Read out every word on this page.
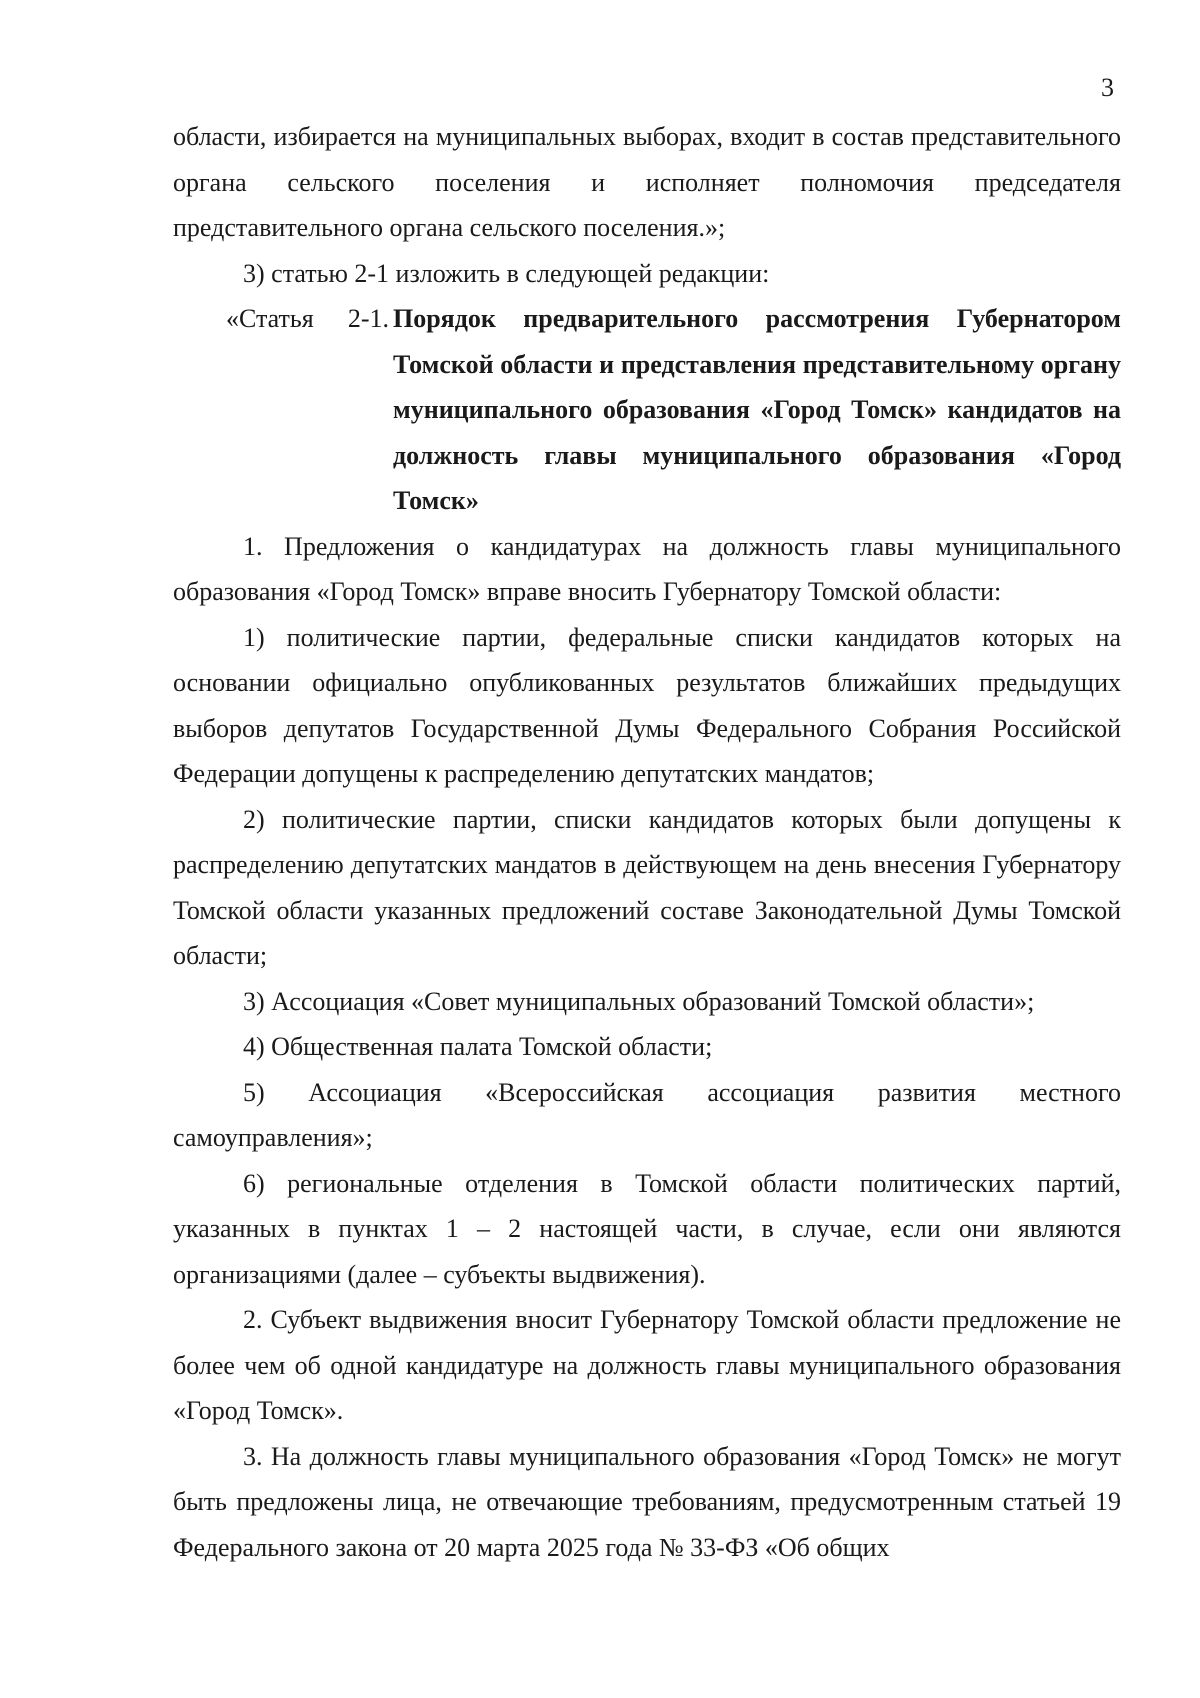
3

области, избирается на муниципальных выборах, входит в состав представительного органа сельского поселения и исполняет полномочия председателя представительного органа сельского поселения.»;

3) статью 2-1 изложить в следующей редакции:

«Статья 2-1. Порядок предварительного рассмотрения Губернатором Томской области и представления представительному органу муниципального образования «Город Томск» кандидатов на должность главы муниципального образования «Город Томск»

1. Предложения о кандидатурах на должность главы муниципального образования «Город Томск» вправе вносить Губернатору Томской области:

1) политические партии, федеральные списки кандидатов которых на основании официально опубликованных результатов ближайших предыдущих выборов депутатов Государственной Думы Федерального Собрания Российской Федерации допущены к распределению депутатских мандатов;

2) политические партии, списки кандидатов которых были допущены к распределению депутатских мандатов в действующем на день внесения Губернатору Томской области указанных предложений составе Законодательной Думы Томской области;

3) Ассоциация «Совет муниципальных образований Томской области»;

4) Общественная палата Томской области;

5) Ассоциация «Всероссийская ассоциация развития местного самоуправления»;

6) региональные отделения в Томской области политических партий, указанных в пунктах 1 – 2 настоящей части, в случае, если они являются организациями (далее – субъекты выдвижения).

2. Субъект выдвижения вносит Губернатору Томской области предложение не более чем об одной кандидатуре на должность главы муниципального образования «Город Томск».

3. На должность главы муниципального образования «Город Томск» не могут быть предложены лица, не отвечающие требованиям, предусмотренным статьей 19 Федерального закона от 20 марта 2025 года № 33-ФЗ «Об общих
